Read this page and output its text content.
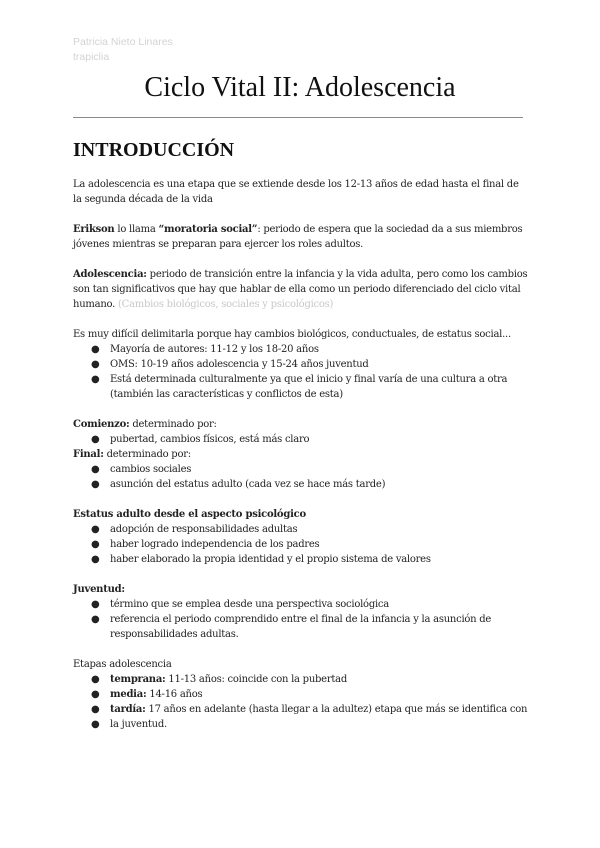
Patricia Nieto Linares
trapiclia
Ciclo Vital II: Adolescencia
INTRODUCCIÓN

La adolescencia es una etapa que se extiende desde los 12-13 años de edad hasta el final de la segunda década de la vida

Erikson lo llama “moratoria social”: periodo de espera que la sociedad da a sus miembros jóvenes mientras se preparan para ejercer los roles adultos.

Adolescencia: periodo de transición entre la infancia y la vida adulta, pero como los cambios son tan significativos que hay que hablar de ella como un periodo diferenciado del ciclo vital humano. (Cambios biológicos, sociales y psicológicos)

Es muy difícil delimitarla porque hay cambios biológicos, conductuales, de estatus social...

● Mayoría de autores: 11-12 y los 18-20 años
● OMS: 10-19 años adolescencia y 15-24 años juventud
● Está determinada culturalmente ya que el inicio y final varía de una cultura a otra (también las características y conflictos de esta)

Comienzo: determinado por:

● pubertad, cambios físicos, está más claro

Final: determinado por:

● cambios sociales
● asunción del estatus adulto (cada vez se hace más tarde)

Estatus adulto desde el aspecto psicológico

● adopción de responsabilidades adultas
● haber logrado independencia de los padres
● haber elaborado la propia identidad y el propio sistema de valores

Juventud:

● término que se emplea desde una perspectiva sociológica
● referencia el periodo comprendido entre el final de la infancia y la asunción de responsabilidades adultas.

Etapas adolescencia

● temprana: 11-13 años: coincide con la pubertad
● media: 14-16 años
● tardía: 17 años en adelante (hasta llegar a la adultez) etapa que más se identifica con
● la juventud.
